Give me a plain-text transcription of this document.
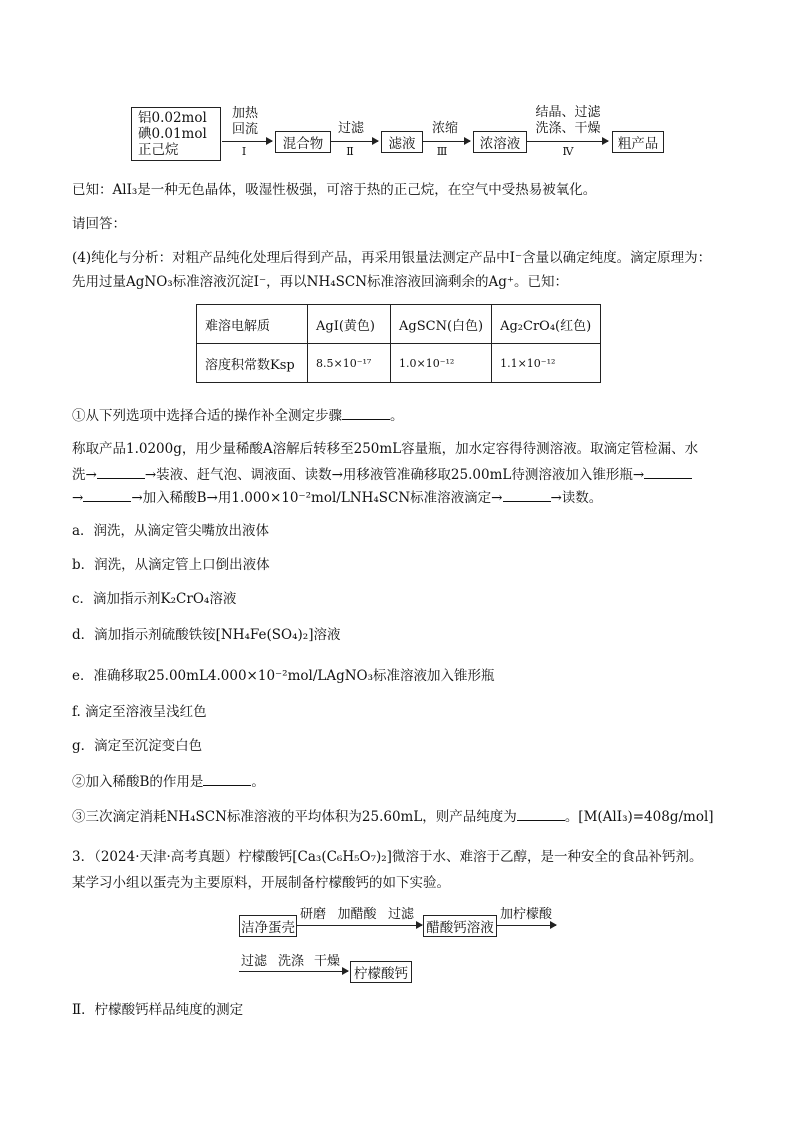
铝0.02mol
碘0.01mol
正己烷
加热
回流
Ⅰ	混合物
过滤
Ⅱ	滤液
浓缩
Ⅲ	浓溶液
结晶、过滤
洗涤、干燥
Ⅳ	粗产品
已知：AlI₃是一种无色晶体，吸湿性极强，可溶于热的正己烷，在空气中受热易被氧化。
请回答：
(4)纯化与分析：对粗产品纯化处理后得到产品，再采用银量法测定产品中I⁻含量以确定纯度。滴定原理为：
先用过量AgNO₃标准溶液沉淀I⁻，再以NH₄SCN标准溶液回滴剩余的Ag⁺。已知：
难溶电解质	AgI(黄色)	AgSCN(白色)	Ag₂CrO₄(红色)
溶度积常数Ksp	8.5×10⁻¹⁷	1.0×10⁻¹²	1.1×10⁻¹²
①从下列选项中选择合适的操作补全测定步骤	。
称取产品1.0200g，用少量稀酸A溶解后转移至250mL容量瓶，加水定容得待测溶液。取滴定管检漏、水
洗→	→装液、赶气泡、调液面、读数→用移液管准确移取25.00mL待测溶液加入锥形瓶→
→	→加入稀酸B→用1.000×10⁻²mol/LNH₄SCN标准溶液滴定→	→读数。
a．润洗，从滴定管尖嘴放出液体
b．润洗，从滴定管上口倒出液体
c．滴加指示剂K₂CrO₄溶液
d．滴加指示剂硫酸铁铵[NH₄Fe(SO₄)₂]溶液
e．准确移取25.00mL4.000×10⁻²mol/LAgNO₃标准溶液加入锥形瓶
f. 滴定至溶液呈浅红色
g．滴定至沉淀变白色
②加入稀酸B的作用是	。
③三次滴定消耗NH₄SCN标准溶液的平均体积为25.60mL，则产品纯度为	。[M(AlI₃)=408g/mol]
3．（2024·天津·高考真题）柠檬酸钙[Ca₃(C₆H₅O₇)₂]微溶于水、难溶于乙醇，是一种安全的食品补钙剂。
某学习小组以蛋壳为主要原料，开展制备柠檬酸钙的如下实验。
洁净蛋壳
研磨 加醋酸 过滤
醋酸钙溶液
加柠檬酸
过滤 洗涤 干燥
柠檬酸钙
Ⅱ．柠檬酸钙样品纯度的测定
